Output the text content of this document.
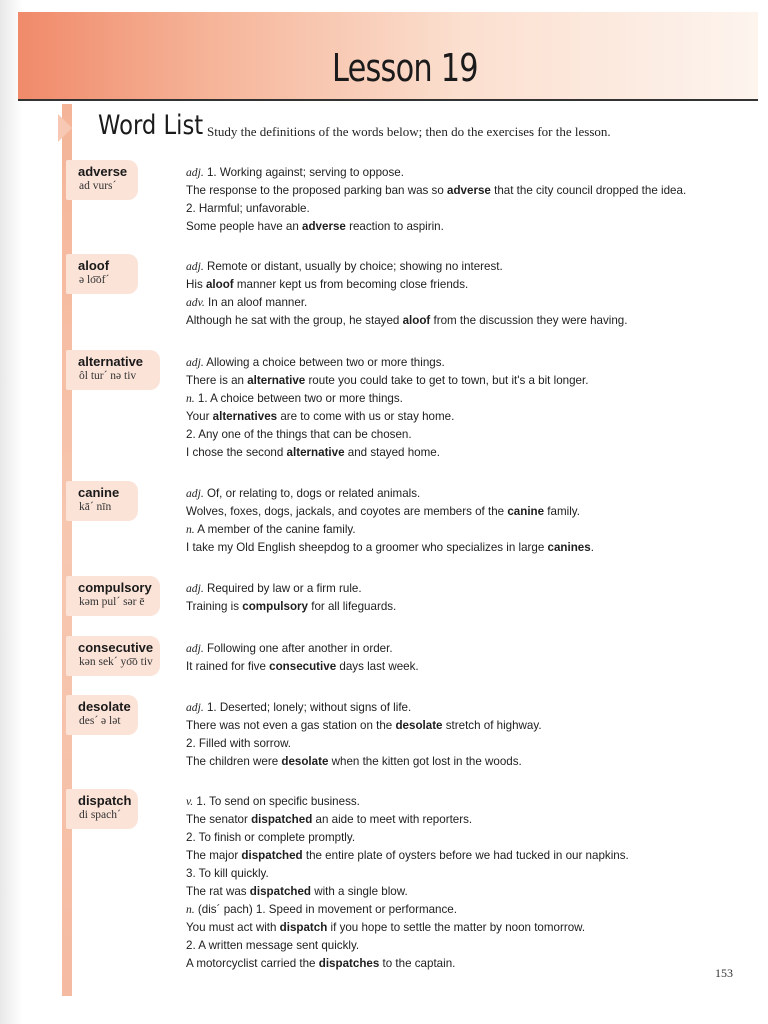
Lesson 19
Word List Study the definitions of the words below; then do the exercises for the lesson.
adverse
ad vurs´
adj. 1. Working against; serving to oppose.
The response to the proposed parking ban was so adverse that the city council dropped the idea.
2. Harmful; unfavorable.
Some people have an adverse reaction to aspirin.
aloof
ə lo͞of´
adj. Remote or distant, usually by choice; showing no interest.
His aloof manner kept us from becoming close friends.
adv. In an aloof manner.
Although he sat with the group, he stayed aloof from the discussion they were having.
alternative
ôl tur´ nə tiv
adj. Allowing a choice between two or more things.
There is an alternative route you could take to get to town, but it's a bit longer.
n. 1. A choice between two or more things.
Your alternatives are to come with us or stay home.
2. Any one of the things that can be chosen.
I chose the second alternative and stayed home.
canine
kā´ nīn
adj. Of, or relating to, dogs or related animals.
Wolves, foxes, dogs, jackals, and coyotes are members of the canine family.
n. A member of the canine family.
I take my Old English sheepdog to a groomer who specializes in large canines.
compulsory
kəm pul´ sər ē
adj. Required by law or a firm rule.
Training is compulsory for all lifeguards.
consecutive
kən sek´ yo͞o tiv
adj. Following one after another in order.
It rained for five consecutive days last week.
desolate
des´ ə lət
adj. 1. Deserted; lonely; without signs of life.
There was not even a gas station on the desolate stretch of highway.
2. Filled with sorrow.
The children were desolate when the kitten got lost in the woods.
dispatch
di spach´
v. 1. To send on specific business.
The senator dispatched an aide to meet with reporters.
2. To finish or complete promptly.
The major dispatched the entire plate of oysters before we had tucked in our napkins.
3. To kill quickly.
The rat was dispatched with a single blow.
n. (dis´ pach) 1. Speed in movement or performance.
You must act with dispatch if you hope to settle the matter by noon tomorrow.
2. A written message sent quickly.
A motorcyclist carried the dispatches to the captain.
153
